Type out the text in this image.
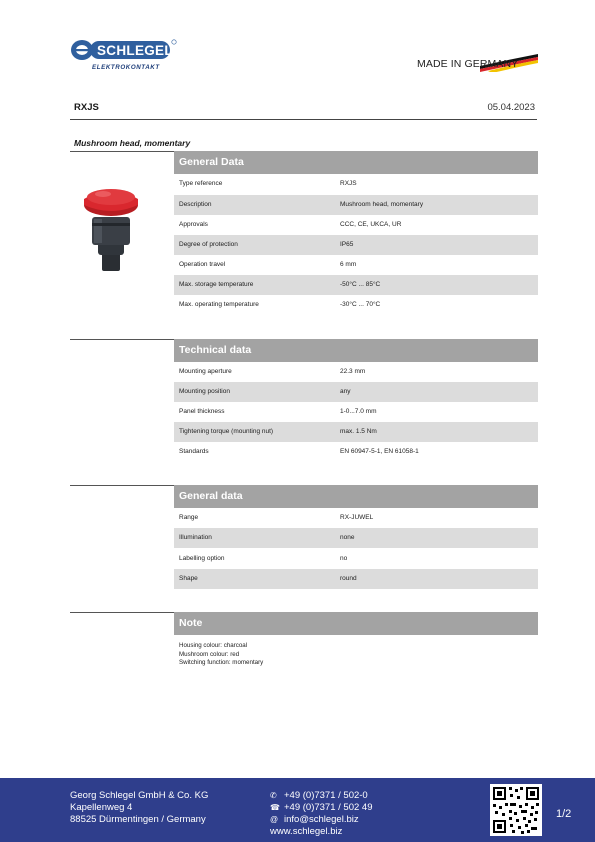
SCHLEGEL
ELEKTROKONTAKT	MADE IN GERMANY
RXJS	05.04.2023
Mushroom head, momentary
General Data
Type reference	RXJS
Description	Mushroom head, momentary
Approvals	CCC, CE, UKCA, UR
Degree of protection	IP65
Operation travel	6 mm
Max. storage temperature	-50°C ... 85°C
Max. operating temperature	-30°C ... 70°C
Technical data
Mounting aperture	22.3 mm
Mounting position	any
Panel thickness	1-0...7.0 mm
Tightening torque (mounting nut)	max. 1.5 Nm
Standards	EN 60947-5-1, EN 61058-1
General data
Range	RX-JUWEL
Illumination	none
Labelling option	no
Shape	round
Note
Housing colour: charcoal
Mushroom colour: red
Switching function: momentary
Georg Schlegel GmbH & Co. KG
Kapellenweg 4
88525 Dürmentingen / Germany
✆ +49 (0)7371 / 502-0
☎ +49 (0)7371 / 502 49
@ info@schlegel.biz
www.schlegel.biz
1/2
